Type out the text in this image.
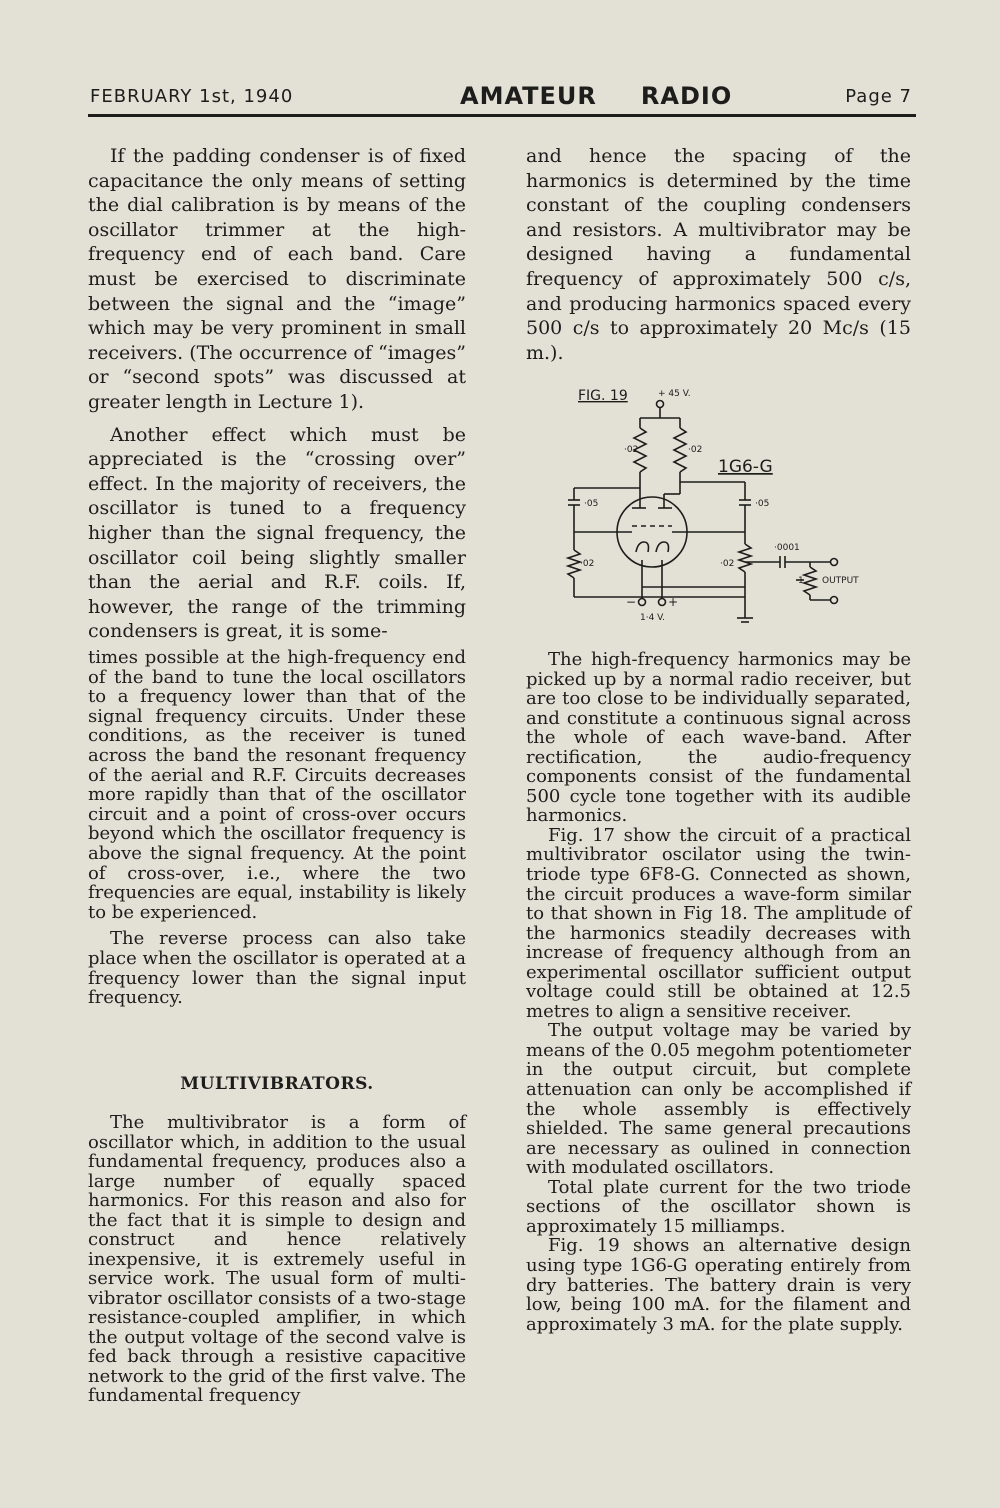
FEBRUARY 1st, 1940	AMATEUR RADIO	Page 7

If the padding condenser is of fixed capacitance the only means of setting the dial calibration is by means of the oscillator trimmer at the high-frequency end of each band. Care must be exercised to discriminate between the signal and the “image” which may be very prominent in small receivers. (The occurrence of “images” or “second spots” was discussed at greater length in Lecture 1).

Another effect which must be appreciated is the “crossing over” effect. In the majority of receivers, the oscillator is tuned to a frequency higher than the signal frequency, the oscillator coil being slightly smaller than the aerial and R.F. coils. If, however, the range of the trimming condensers is great, it is some-

times possible at the high-frequency end of the band to tune the local oscillators to a frequency lower than that of the signal frequency circuits. Under these conditions, as the receiver is tuned across the band the resonant frequency of the aerial and R.F. Circuits decreases more rapidly than that of the oscillator circuit and a point of cross-over occurs beyond which the oscillator frequency is above the signal frequency. At the point of cross-over, i.e., where the two frequencies are equal, instability is likely to be experienced.

The reverse process can also take place when the oscillator is operated at a frequency lower than the signal input frequency.

MULTIVIBRATORS.

The multivibrator is a form of oscillator which, in addition to the usual fundamental frequency, produces also a large number of equally spaced harmonics. For this reason and also for the fact that it is simple to design and construct and hence relatively inexpensive, it is extremely useful in service work. The usual form of multi-vibrator oscillator consists of a two-stage resistance-coupled amplifier, in which the output voltage of the second valve is fed back through a resistive capacitive network to the grid of the first valve. The fundamental frequency

and hence the spacing of the harmonics is determined by the time constant of the coupling condensers and resistors. A multivibrator may be designed having a fundamental frequency of approximately 500 c/s, and producing harmonics spaced every 500 c/s to approximately 20 Mc/s (15 m.).

FIG. 19	+ 45 V.
1G6-G
·02	·02
·05	·05
·02	·02
·0001
1 OUTPUT
−	+
1·4 V.

The high-frequency harmonics may be picked up by a normal radio receiver, but are too close to be individually separated, and constitute a continuous signal across the whole of each wave-band. After rectification, the audio-frequency components consist of the fundamental 500 cycle tone together with its audible harmonics.

Fig. 17 show the circuit of a practical multivibrator oscilator using the twin-triode type 6F8-G. Connected as shown, the circuit produces a wave-form similar to that shown in Fig 18. The amplitude of the harmonics steadily decreases with increase of frequency although from an experimental oscillator sufficient output voltage could still be obtained at 12.5 metres to align a sensitive receiver.

The output voltage may be varied by means of the 0.05 megohm potentiometer in the output circuit, but complete attenuation can only be accomplished if the whole assembly is effectively shielded. The same general precautions are necessary as oulined in connection with modulated oscillators.

Total plate current for the two triode sections of the oscillator shown is approximately 15 milliamps.

Fig. 19 shows an alternative design using type 1G6-G operating entirely from dry batteries. The battery drain is very low, being 100 mA. for the filament and approximately 3 mA. for the plate supply.
